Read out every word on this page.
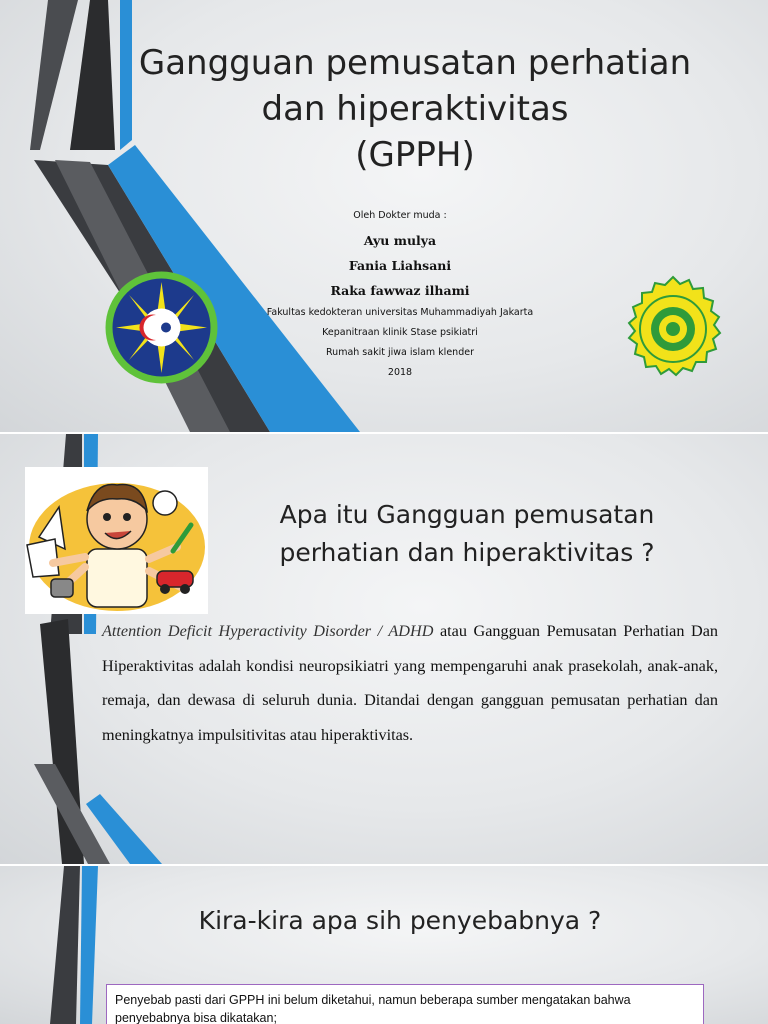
Gangguan pemusatan perhatian
dan hiperaktivitas
(GPPH)
Oleh Dokter muda :
Ayu mulya
Fania Liahsani
Raka fawwaz ilhami
Fakultas kedokteran universitas Muhammadiyah Jakarta
Kepanitraan klinik Stase psikiatri
Rumah sakit jiwa islam klender
2018
Apa itu Gangguan pemusatan
perhatian dan hiperaktivitas ?
Attention Deficit Hyperactivity Disorder / ADHD atau Gangguan Pemusatan Perhatian Dan Hiperaktivitas adalah kondisi neuropsikiatri yang mempengaruhi anak prasekolah, anak-anak, remaja, dan dewasa di seluruh dunia. Ditandai dengan gangguan pemusatan perhatian dan meningkatnya impulsitivitas atau hiperaktivitas.
Kira-kira apa sih penyebabnya ?
Penyebab pasti dari GPPH ini belum diketahui, namun beberapa sumber mengatakan bahwa
penyebabnya bisa dikatakan;
